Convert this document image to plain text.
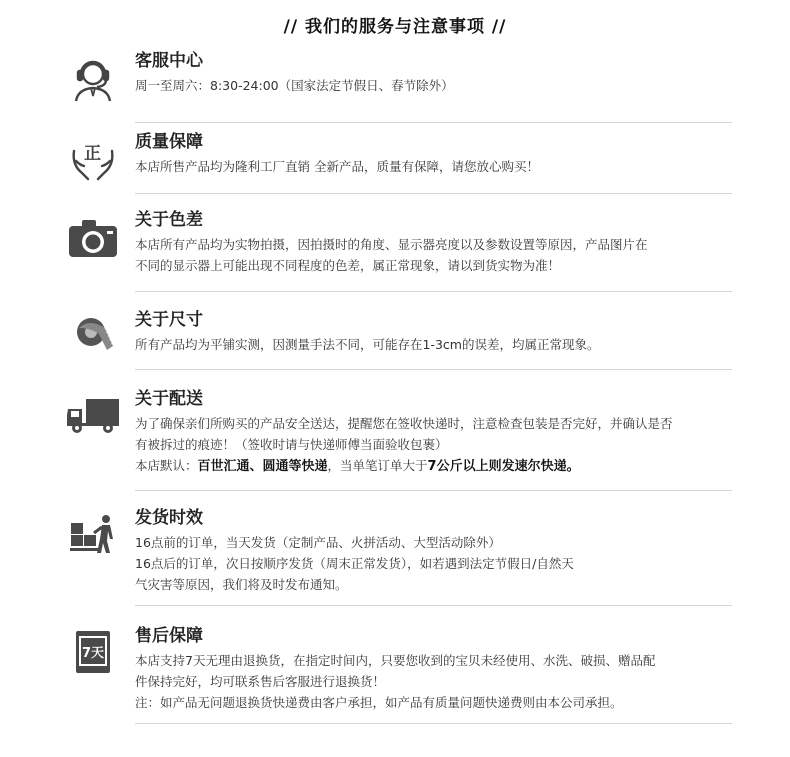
// 我们的服务与注意事项 //
客服中心
周一至周六：8:30-24:00（国家法定节假日、春节除外）
正
质量保障
本店所售产品均为隆利工厂直销 全新产品，质量有保障，请您放心购买！
关于色差
本店所有产品均为实物拍摄，因拍摄时的角度、显示器亮度以及参数设置等原因，产品图片在
不同的显示器上可能出现不同程度的色差，属正常现象，请以到货实物为准！
关于尺寸
所有产品均为平铺实测，因测量手法不同，可能存在1-3cm的误差，均属正常现象。
关于配送
为了确保亲们所购买的产品安全送达，提醒您在签收快递时，注意检查包装是否完好，并确认是否
有被拆过的痕迹！（签收时请与快递师傅当面验收包裹）
本店默认：百世汇通、圆通等快递，当单笔订单大于7公斤以上则发速尔快递。
发货时效
16点前的订单，当天发货（定制产品、火拼活动、大型活动除外）
16点后的订单，次日按顺序发货（周末正常发货），如若遇到法定节假日/自然天
气灾害等原因，我们将及时发布通知。
7天
售后保障
本店支持7天无理由退换货，在指定时间内，只要您收到的宝贝未经使用、水洗、破损、赠品配
件保持完好，均可联系售后客服进行退换货！
注：如产品无问题退换货快递费由客户承担，如产品有质量问题快递费则由本公司承担。
